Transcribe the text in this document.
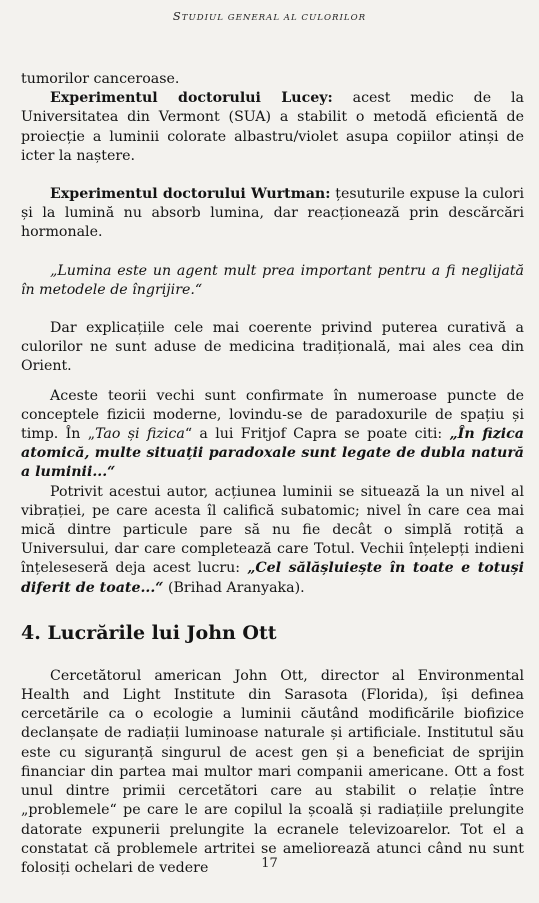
STUDIUL GENERAL AL CULORILOR

tumorilor canceroase.

Experimentul doctorului Lucey: acest medic de la Universitatea din Vermont (SUA) a stabilit o metodă eficientă de proiecție a luminii colorate albastru/violet asupa copiilor atinși de icter la naștere.

Experimentul doctorului Wurtman: țesuturile expuse la culori și la lumină nu absorb lumina, dar reacționează prin descărcări hormonale.

„Lumina este un agent mult prea important pentru a fi neglijată în metodele de îngrijire.“

Dar explicațiile cele mai coerente privind puterea curativă a culorilor ne sunt aduse de medicina tradițională, mai ales cea din Orient.

Aceste teorii vechi sunt confirmate în numeroase puncte de conceptele fizicii moderne, lovindu-se de paradoxurile de spațiu și timp. În „Tao și fizica“ a lui Fritjof Capra se poate citi: „În fizica atomică, multe situații paradoxale sunt legate de dubla natură a luminii...“

Potrivit acestui autor, acțiunea luminii se situează la un nivel al vibrației, pe care acesta îl califică subatomic; nivel în care cea mai mică dintre particule pare să nu fie decât o simplă rotiță a Universului, dar care completează care Totul. Vechii înțelepți indieni înțeleseseră deja acest lucru: „Cel sălășluiește în toate e totuși diferit de toate...“ (Brihad Aranyaka).

4. Lucrările lui John Ott

Cercetătorul american John Ott, director al Environmental Health and Light Institute din Sarasota (Florida), își definea cercetările ca o ecologie a luminii căutând modificările biofizice declanșate de radiații luminoase naturale și artificiale. Institutul său este cu siguranță singurul de acest gen și a beneficiat de sprijin financiar din partea mai multor mari companii americane. Ott a fost unul dintre primii cercetători care au stabilit o relație între „problemele“ pe care le are copilul la școală și radiațiile prelungite datorate expunerii prelungite la ecranele televizoarelor. Tot el a constatat că problemele artritei se ameliorează atunci când nu sunt folosiți ochelari de vedere	17
